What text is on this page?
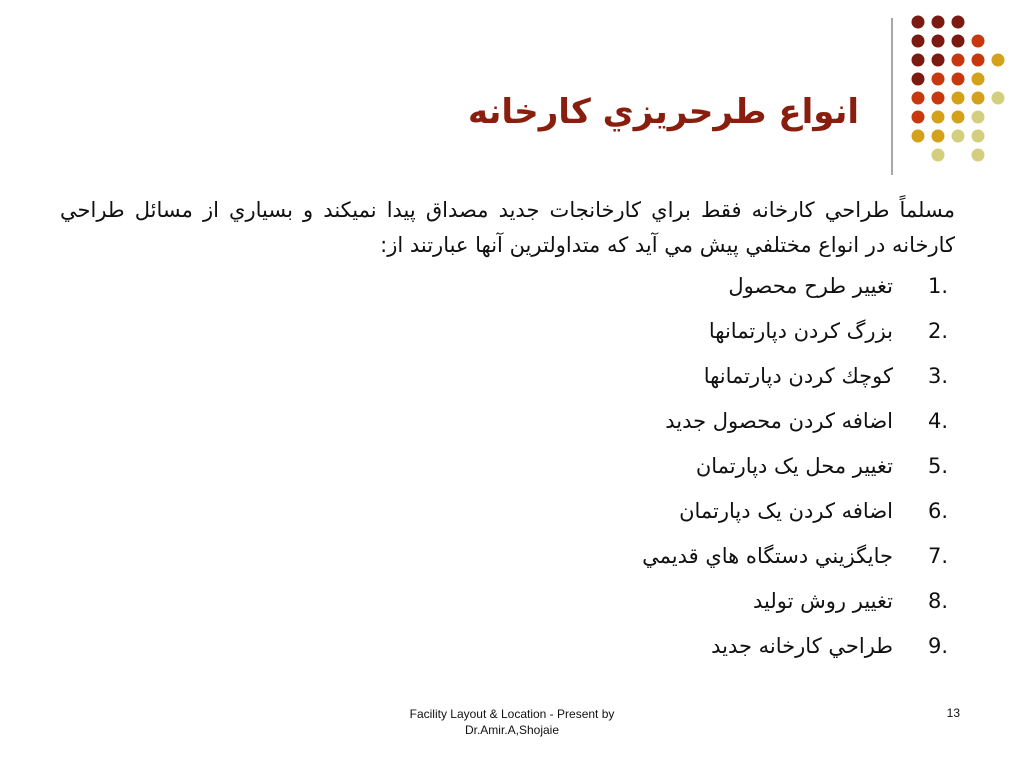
انواع طرحريزي كارخانه

مسلماً طراحي كارخانه فقط براي كارخانجات جديد مصداق پيدا نميكند و بسياري از مسائل طراحي كارخانه در انواع مختلفي پيش مي آيد كه متداولترين آنها عبارتند از:

1.
تغيير طرح محصول
2.
بزرگ كردن دپارتمانها
3.
كوچك كردن دپارتمانها
4.
اضافه كردن محصول جديد
5.
تغيير محل يک دپارتمان
6.
اضافه كردن يک دپارتمان
7.
جايگزيني دستگاه هاي قديمي
8.
تغيير روش توليد
9.
طراحي كارخانه جديد
Facility Layout & Location - Present by
Dr.Amir.A,Shojaie
13
